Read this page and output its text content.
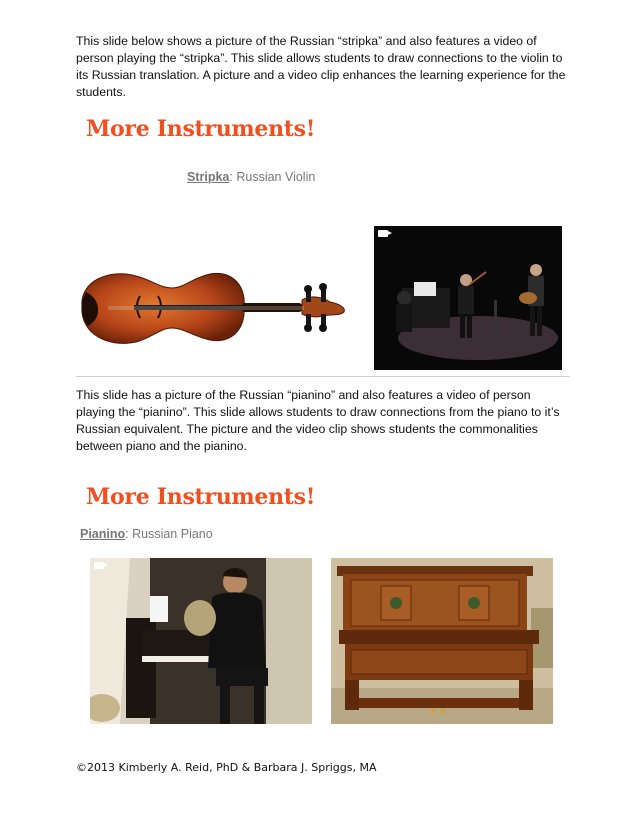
This slide below shows a picture of the Russian “stripka” and also features a video of person playing the “stripka”. This slide allows students to draw connections to the violin to its Russian translation. A picture and a video clip enhances the learning experience for the students.

More Instruments!
Stripka: Russian Violin

This slide has a picture of the Russian “pianino” and also features a video of person playing the “pianino”. This slide allows students to draw connections from the piano to it’s Russian equivalent. The picture and the video clip shows students the commonalities between piano and the pianino.

More Instruments!
Pianino: Russian Piano
©2013 Kimberly A. Reid, PhD & Barbara J. Spriggs, MA
